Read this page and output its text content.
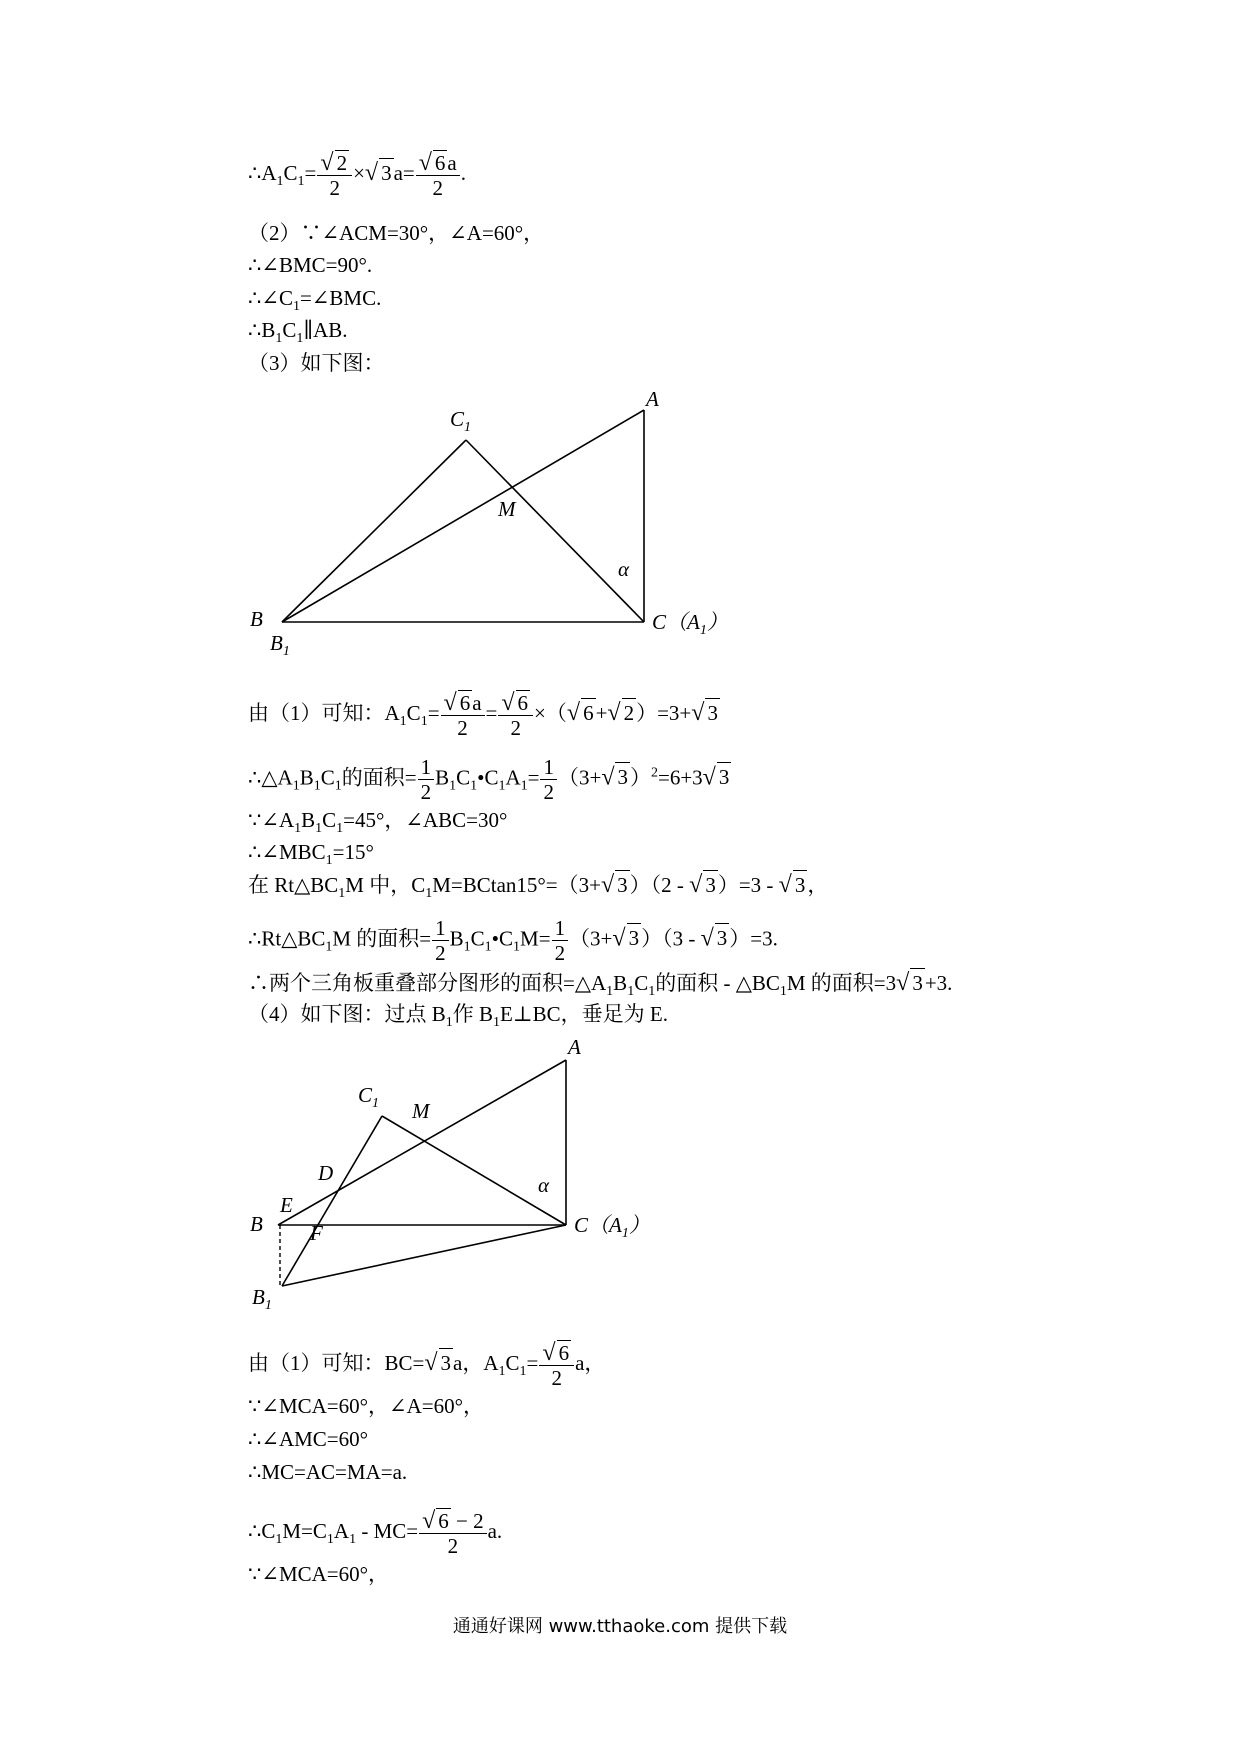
$\therefore A_1C_1= \frac{√ 2}{2}$ ×√ $3a= \frac{√ 6a}{2}$ .
（2）∵∠ACM=30°，∠A=60°，
∴∠BMC=90°.
$\therefore\angle C_1=\angle BMC$.
$\therefore B_1C_1\parallel AB$.
（3）如下图：
A
$C_1$
M
α
B
$B_1$
$C(A_1)$
由（1）可知：$A_1C_1= \frac{√ 6a}{2} = \frac{√ 6}{2}$ ×（√ 6+√ 2）=3+√ 3
$\therefore\triangle A_1B_1C_1$的面积= $\frac{1}{2}$ $B_1C_1•C_1A_1= \frac{1}{2} (3+√$ 3）$^2$=6+3√ 3
$\because\angle A_1B_1C_1=45^\circ$，∠ABC=30°
$\therefore\angle MBC_1=15^\circ$
在 $Rt\triangle BC_1M$ 中，$C_1M=BCtan15^\circ=(3+√$ 3）（2 - √ 3）=3 - √ 3，
$\therefore Rt\triangle BC_1M$ 的面积= $\frac{1}{2}$ $B_1C_1•C_1M= \frac{1}{2} (3+√$ 3）（3 - √ 3）=3.
∴两个三角板重叠部分图形的面积$=\triangle A_1B_1C_1$的面积 - $\triangle BC_1M$ 的面积=3√ 3+3.
（4）如下图：过点 $B_1$作 $B_1E\perp BC$，垂足为 E.
A
$C_1$ M
D	α
E
B F
$B_1$
$C(A_1)$
由（1）可知：BC=√ 3a，$A_1C_1= \frac{√ 6}{2}$ a，
∵∠MCA=60°，∠A=60°，
∴∠AMC=60°
∴MC=AC=MA=a.
$\therefore C_1M=C_1A_1 - MC= \frac{√ 6 - 2}{2} a$.
∵∠MCA=60°，
通通好课网 www.tthaoke.com 提供下载
